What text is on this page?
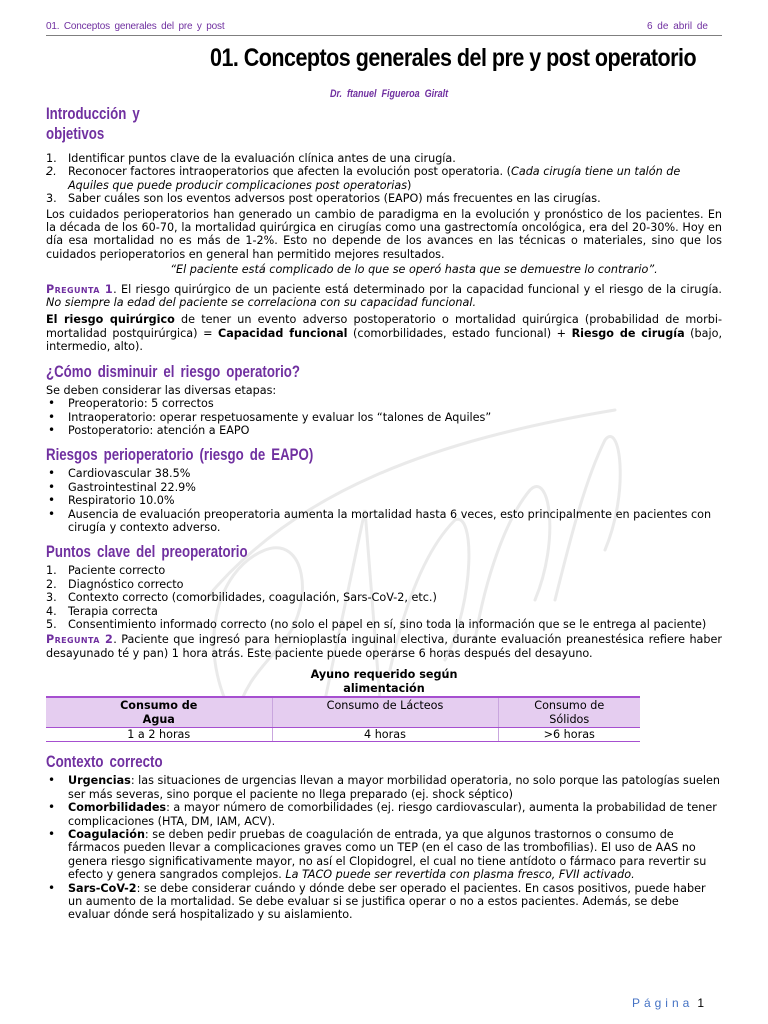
01. Conceptos generales del pre y post	6 de abril de
01. Conceptos generales del pre y post operatorio
Dr. ftanuel Figueroa Giralt
Introducción y objetivos
1. Identificar puntos clave de la evaluación clínica antes de una cirugía.
2. Reconocer factores intraoperatorios que afecten la evolución post operatoria. (Cada cirugía tiene un talón de Aquiles que puede producir complicaciones post operatorias)
3. Saber cuáles son los eventos adversos post operatorios (EAPO) más frecuentes en las cirugías.

Los cuidados perioperatorios han generado un cambio de paradigma en la evolución y pronóstico de los pacientes. En la década de los 60-70, la mortalidad quirúrgica en cirugías como una gastrectomía oncológica, era del 20-30%. Hoy en día esa mortalidad no es más de 1-2%. Esto no depende de los avances en las técnicas o materiales, sino que los cuidados perioperatorios en general han permitido mejores resultados.

“El paciente está complicado de lo que se operó hasta que se demuestre lo contrario”.

Pregunta 1. El riesgo quirúrgico de un paciente está determinado por la capacidad funcional y el riesgo de la cirugía. No siempre la edad del paciente se correlaciona con su capacidad funcional.

El riesgo quirúrgico de tener un evento adverso postoperatorio o mortalidad quirúrgica (probabilidad de morbi-mortalidad postquirúrgica) = Capacidad funcional (comorbilidades, estado funcional) + Riesgo de cirugía (bajo, intermedio, alto).

¿Cómo disminuir el riesgo operatorio?

Se deben considerar las diversas etapas:

• Preoperatorio: 5 correctos
• Intraoperatorio: operar respetuosamente y evaluar los “talones de Aquiles”
• Postoperatorio: atención a EAPO
Riesgos perioperatorio (riesgo de EAPO)
• Cardiovascular 38.5%
• Gastrointestinal 22.9%
• Respiratorio 10.0%
• Ausencia de evaluación preoperatoria aumenta la mortalidad hasta 6 veces, esto principalmente en pacientes con cirugía y contexto adverso.
Puntos clave del preoperatorio
1. Paciente correcto
2. Diagnóstico correcto
3. Contexto correcto (comorbilidades, coagulación, Sars-CoV-2, etc.)
4. Terapia correcta
5. Consentimiento informado correcto (no solo el papel en sí, sino toda la información que se le entrega al paciente)

Pregunta 2. Paciente que ingresó para hernioplastía inguinal electiva, durante evaluación preanestésica refiere haber desayunado té y pan) 1 hora atrás. Este paciente puede operarse 6 horas después del desayuno.

Ayuno requerido según alimentación
Consumo de Agua	Consumo de Lácteos	Consumo de Sólidos

1 a 2 horas	4 horas	>6 horas
Contexto correcto
• Urgencias: las situaciones de urgencias llevan a mayor morbilidad operatoria, no solo porque las patologías suelen ser más severas, sino porque el paciente no llega preparado (ej. shock séptico)
• Comorbilidades: a mayor número de comorbilidades (ej. riesgo cardiovascular), aumenta la probabilidad de tener complicaciones (HTA, DM, IAM, ACV).
• Coagulación: se deben pedir pruebas de coagulación de entrada, ya que algunos trastornos o consumo de fármacos pueden llevar a complicaciones graves como un TEP (en el caso de las trombofilias). El uso de AAS no genera riesgo significativamente mayor, no así el Clopidogrel, el cual no tiene antídoto o fármaco para revertir su efecto y genera sangrados complejos. La TACO puede ser revertida con plasma fresco, FVII activado.
• Sars-CoV-2: se debe considerar cuándo y dónde debe ser operado el pacientes. En casos positivos, puede haber un aumento de la mortalidad. Se debe evaluar si se justifica operar o no a estos pacientes. Además, se debe evaluar dónde será hospitalizado y su aislamiento.
Página 1
